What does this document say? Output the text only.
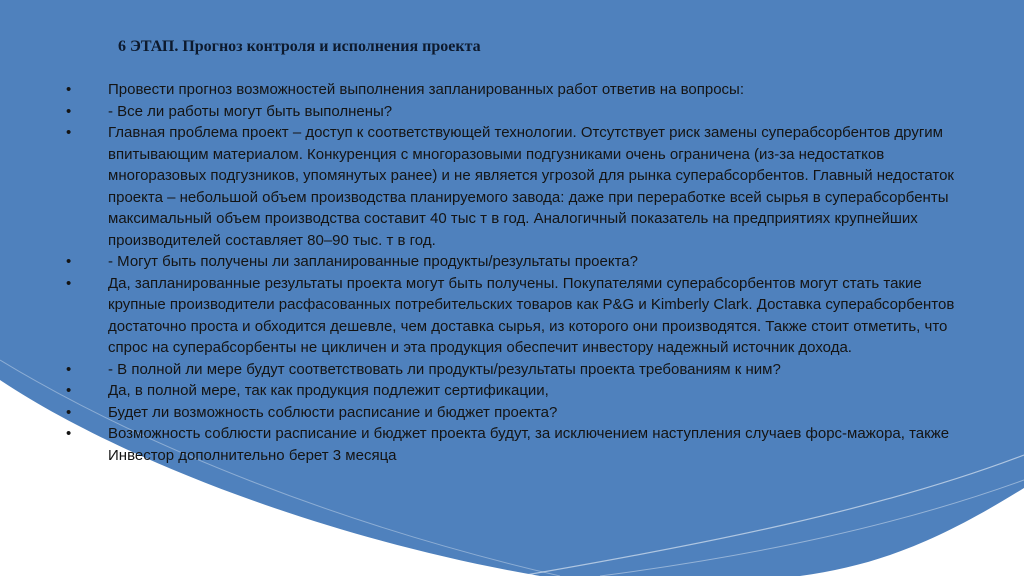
6 ЭТАП. Прогноз контроля и исполнения проекта
• Провести прогноз возможностей выполнения запланированных работ ответив на вопросы:
• - Все ли работы могут быть выполнены?
• Главная проблема проект – доступ к соответствующей технологии. Отсутствует риск замены суперабсорбентов другим впитывающим материалом. Конкуренция с многоразовыми подгузниками очень ограничена (из-за недостатков многоразовых подгузников, упомянутых ранее) и не является угрозой для рынка суперабсорбентов. Главный недостаток проекта – небольшой объем производства планируемого завода: даже при переработке всей сырья в суперабсорбенты максимальный объем производства составит 40 тыс т в год. Аналогичный показатель на предприятиях крупнейших производителей составляет 80–90 тыс. т в год.
• - Могут быть получены ли запланированные продукты/результаты проекта?
• Да, запланированные результаты проекта могут быть получены. Покупателями суперабсорбентов могут стать такие крупные производители расфасованных потребительских товаров как P&G и Kimberly Clark. Доставка суперабсорбентов достаточно проста и обходится дешевле, чем доставка сырья, из которого они производятся. Также стоит отметить, что спрос на суперабсорбенты не цикличен и эта продукция обеспечит инвестору надежный источник дохода.
• - В полной ли мере будут соответствовать ли продукты/результаты проекта требованиям к ним?
• Да, в полной мере, так как продукция подлежит сертификации,
• Будет ли возможность соблюсти расписание и бюджет проекта?
• Возможность соблюсти расписание и бюджет проекта будут, за исключением наступления случаев форс-мажора, также Инвестор дополнительно берет 3 месяца
